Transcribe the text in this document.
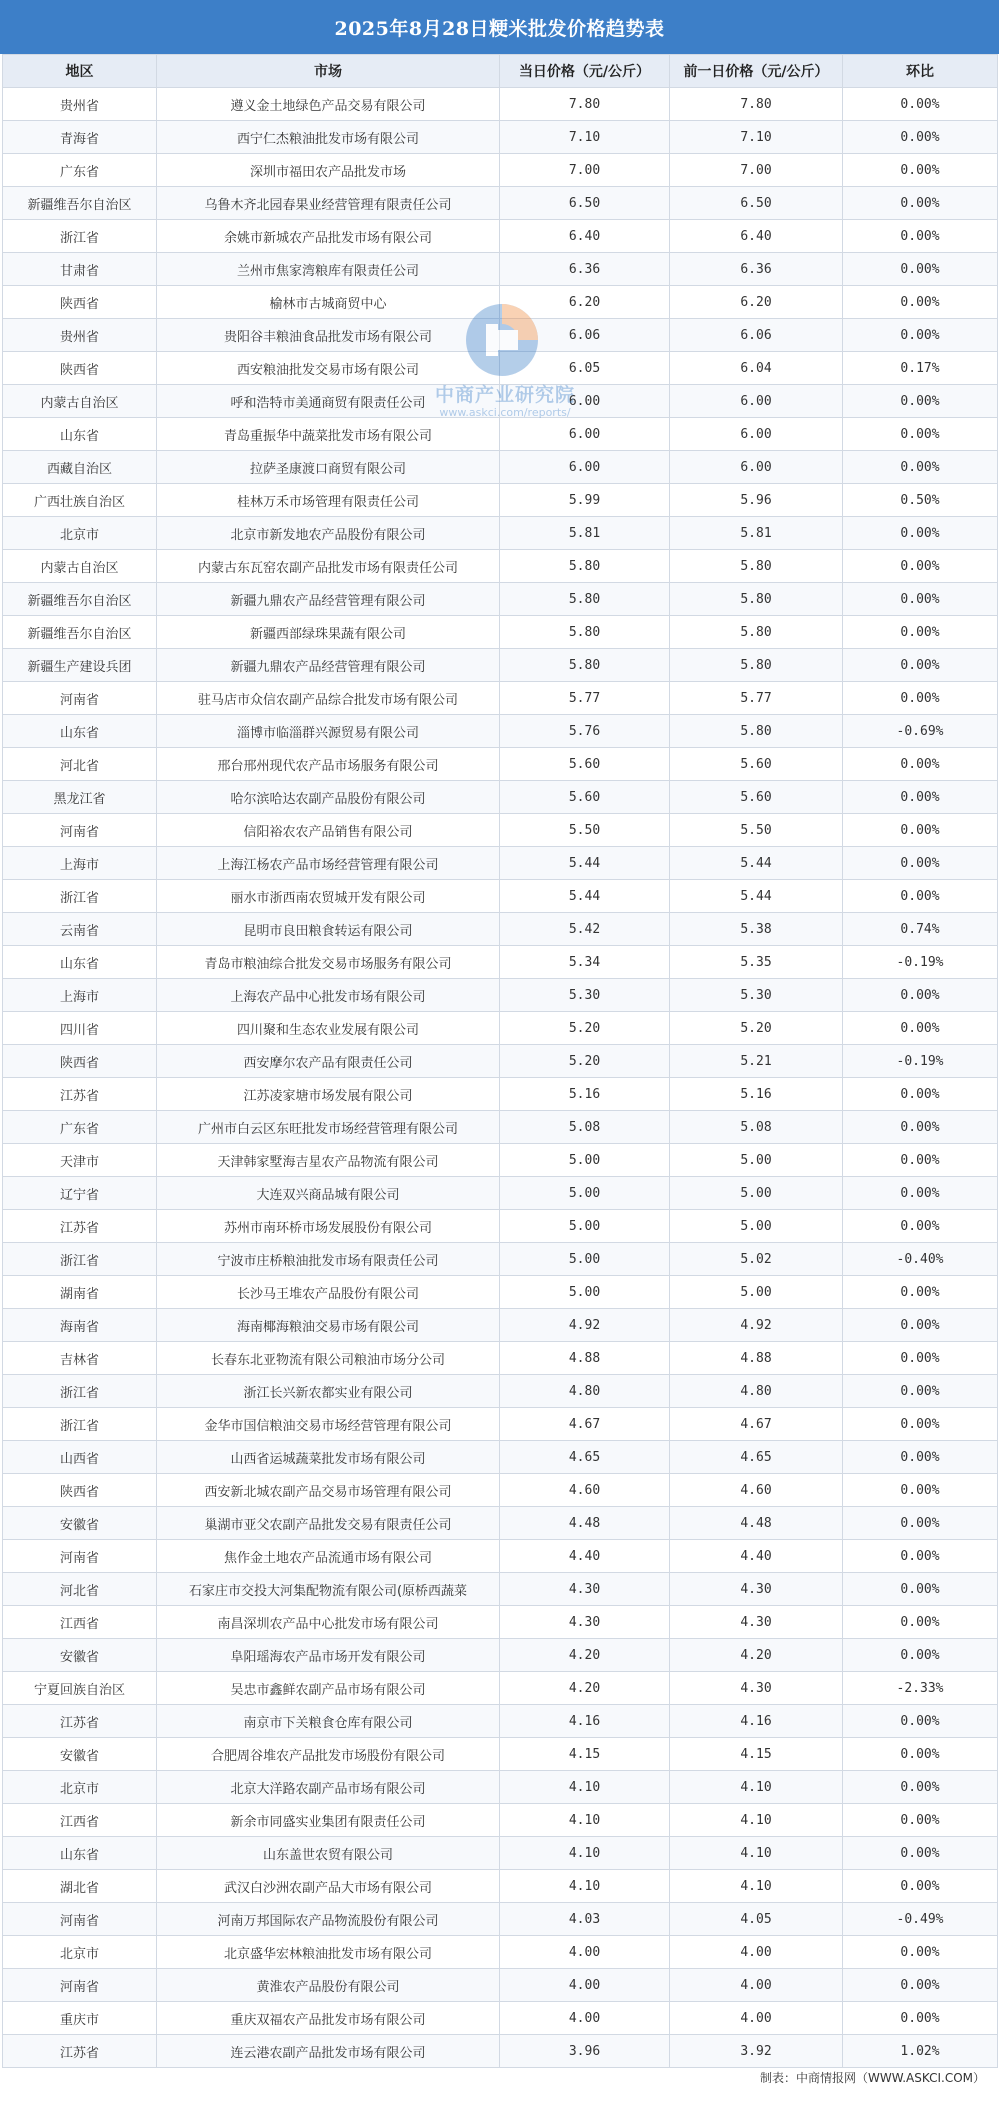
2025年8月28日粳米批发价格趋势表
地区	市场	当日价格（元/公斤）	前一日价格（元/公斤）	环比
贵州省	遵义金土地绿色产品交易有限公司	7.80	7.80	0.00%
青海省	西宁仁杰粮油批发市场有限公司	7.10	7.10	0.00%
广东省	深圳市福田农产品批发市场	7.00	7.00	0.00%
新疆维吾尔自治区	乌鲁木齐北园春果业经营管理有限责任公司	6.50	6.50	0.00%
浙江省	余姚市新城农产品批发市场有限公司	6.40	6.40	0.00%
甘肃省	兰州市焦家湾粮库有限责任公司	6.36	6.36	0.00%
陕西省	榆林市古城商贸中心	6.20	6.20	0.00%
贵州省	贵阳谷丰粮油食品批发市场有限公司	6.06	6.06	0.00%
陕西省	西安粮油批发交易市场有限公司	6.05	6.04	0.17%
内蒙古自治区	呼和浩特市美通商贸有限责任公司	6.00	6.00	0.00%
山东省	青岛重振华中蔬菜批发市场有限公司	6.00	6.00	0.00%
西藏自治区	拉萨圣康渡口商贸有限公司	6.00	6.00	0.00%
广西壮族自治区	桂林万禾市场管理有限责任公司	5.99	5.96	0.50%
北京市	北京市新发地农产品股份有限公司	5.81	5.81	0.00%
内蒙古自治区	内蒙古东瓦窑农副产品批发市场有限责任公司	5.80	5.80	0.00%
新疆维吾尔自治区	新疆九鼎农产品经营管理有限公司	5.80	5.80	0.00%
新疆维吾尔自治区	新疆西部绿珠果蔬有限公司	5.80	5.80	0.00%
新疆生产建设兵团	新疆九鼎农产品经营管理有限公司	5.80	5.80	0.00%
河南省	驻马店市众信农副产品综合批发市场有限公司	5.77	5.77	0.00%
山东省	淄博市临淄群兴源贸易有限公司	5.76	5.80	-0.69%
河北省	邢台邢州现代农产品市场服务有限公司	5.60	5.60	0.00%
黑龙江省	哈尔滨哈达农副产品股份有限公司	5.60	5.60	0.00%
河南省	信阳裕农农产品销售有限公司	5.50	5.50	0.00%
上海市	上海江杨农产品市场经营管理有限公司	5.44	5.44	0.00%
浙江省	丽水市浙西南农贸城开发有限公司	5.44	5.44	0.00%
云南省	昆明市良田粮食转运有限公司	5.42	5.38	0.74%
山东省	青岛市粮油综合批发交易市场服务有限公司	5.34	5.35	-0.19%
上海市	上海农产品中心批发市场有限公司	5.30	5.30	0.00%
四川省	四川聚和生态农业发展有限公司	5.20	5.20	0.00%
陕西省	西安摩尔农产品有限责任公司	5.20	5.21	-0.19%
江苏省	江苏凌家塘市场发展有限公司	5.16	5.16	0.00%
广东省	广州市白云区东旺批发市场经营管理有限公司	5.08	5.08	0.00%
天津市	天津韩家墅海吉星农产品物流有限公司	5.00	5.00	0.00%
辽宁省	大连双兴商品城有限公司	5.00	5.00	0.00%
江苏省	苏州市南环桥市场发展股份有限公司	5.00	5.00	0.00%
浙江省	宁波市庄桥粮油批发市场有限责任公司	5.00	5.02	-0.40%
湖南省	长沙马王堆农产品股份有限公司	5.00	5.00	0.00%
海南省	海南椰海粮油交易市场有限公司	4.92	4.92	0.00%
吉林省	长春东北亚物流有限公司粮油市场分公司	4.88	4.88	0.00%
浙江省	浙江长兴新农都实业有限公司	4.80	4.80	0.00%
浙江省	金华市国信粮油交易市场经营管理有限公司	4.67	4.67	0.00%
山西省	山西省运城蔬菜批发市场有限公司	4.65	4.65	0.00%
陕西省	西安新北城农副产品交易市场管理有限公司	4.60	4.60	0.00%
安徽省	巢湖市亚父农副产品批发交易有限责任公司	4.48	4.48	0.00%
河南省	焦作金土地农产品流通市场有限公司	4.40	4.40	0.00%
河北省	石家庄市交投大河集配物流有限公司(原桥西蔬菜	4.30	4.30	0.00%
江西省	南昌深圳农产品中心批发市场有限公司	4.30	4.30	0.00%
安徽省	阜阳瑶海农产品市场开发有限公司	4.20	4.20	0.00%
宁夏回族自治区	吴忠市鑫鲜农副产品市场有限公司	4.20	4.30	-2.33%
江苏省	南京市下关粮食仓库有限公司	4.16	4.16	0.00%
安徽省	合肥周谷堆农产品批发市场股份有限公司	4.15	4.15	0.00%
北京市	北京大洋路农副产品市场有限公司	4.10	4.10	0.00%
江西省	新余市同盛实业集团有限责任公司	4.10	4.10	0.00%
山东省	山东盖世农贸有限公司	4.10	4.10	0.00%
湖北省	武汉白沙洲农副产品大市场有限公司	4.10	4.10	0.00%
河南省	河南万邦国际农产品物流股份有限公司	4.03	4.05	-0.49%
北京市	北京盛华宏林粮油批发市场有限公司	4.00	4.00	0.00%
河南省	黄淮农产品股份有限公司	4.00	4.00	0.00%
重庆市	重庆双福农产品批发市场有限公司	4.00	4.00	0.00%
江苏省	连云港农副产品批发市场有限公司	3.96	3.92	1.02%
中商产业研究院
www.askci.com/reports/
制表：中商情报网（WWW.ASKCI.COM）
